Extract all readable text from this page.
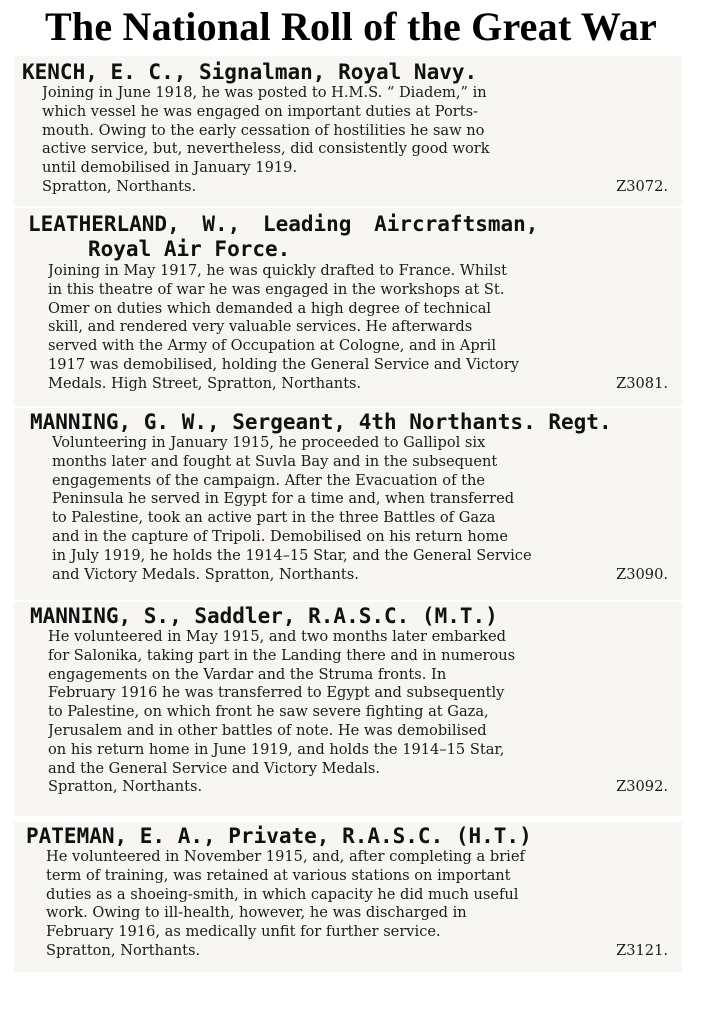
The National Roll of the Great War
KENCH, E. C., Signalman, Royal Navy.
Joining in June 1918, he was posted to H.M.S. “ Diadem,” in
which vessel he was engaged on important duties at Ports-
mouth. Owing to the early cessation of hostilities he saw no
active service, but, nevertheless, did consistently good work
until demobilised in January 1919.
Spratton, Northants.	Z3072.
LEATHERLAND, W., Leading Aircraftsman,
Royal Air Force.
Joining in May 1917, he was quickly drafted to France. Whilst
in this theatre of war he was engaged in the workshops at St.
Omer on duties which demanded a high degree of technical
skill, and rendered very valuable services. He afterwards
served with the Army of Occupation at Cologne, and in April
1917 was demobilised, holding the General Service and Victory
Medals. High Street, Spratton, Northants.	Z3081.
MANNING, G. W., Sergeant, 4th Northants. Regt.
Volunteering in January 1915, he proceeded to Gallipol six
months later and fought at Suvla Bay and in the subsequent
engagements of the campaign. After the Evacuation of the
Peninsula he served in Egypt for a time and, when transferred
to Palestine, took an active part in the three Battles of Gaza
and in the capture of Tripoli. Demobilised on his return home
in July 1919, he holds the 1914–15 Star, and the General Service
and Victory Medals. Spratton, Northants.	Z3090.
MANNING, S., Saddler, R.A.S.C. (M.T.)
He volunteered in May 1915, and two months later embarked
for Salonika, taking part in the Landing there and in numerous
engagements on the Vardar and the Struma fronts. In
February 1916 he was transferred to Egypt and subsequently
to Palestine, on which front he saw severe fighting at Gaza,
Jerusalem and in other battles of note. He was demobilised
on his return home in June 1919, and holds the 1914–15 Star,
and the General Service and Victory Medals.
Spratton, Northants.	Z3092.
PATEMAN, E. A., Private, R.A.S.C. (H.T.)
He volunteered in November 1915, and, after completing a brief
term of training, was retained at various stations on important
duties as a shoeing-smith, in which capacity he did much useful
work. Owing to ill-health, however, he was discharged in
February 1916, as medically unfit for further service.
Spratton, Northants.	Z3121.
